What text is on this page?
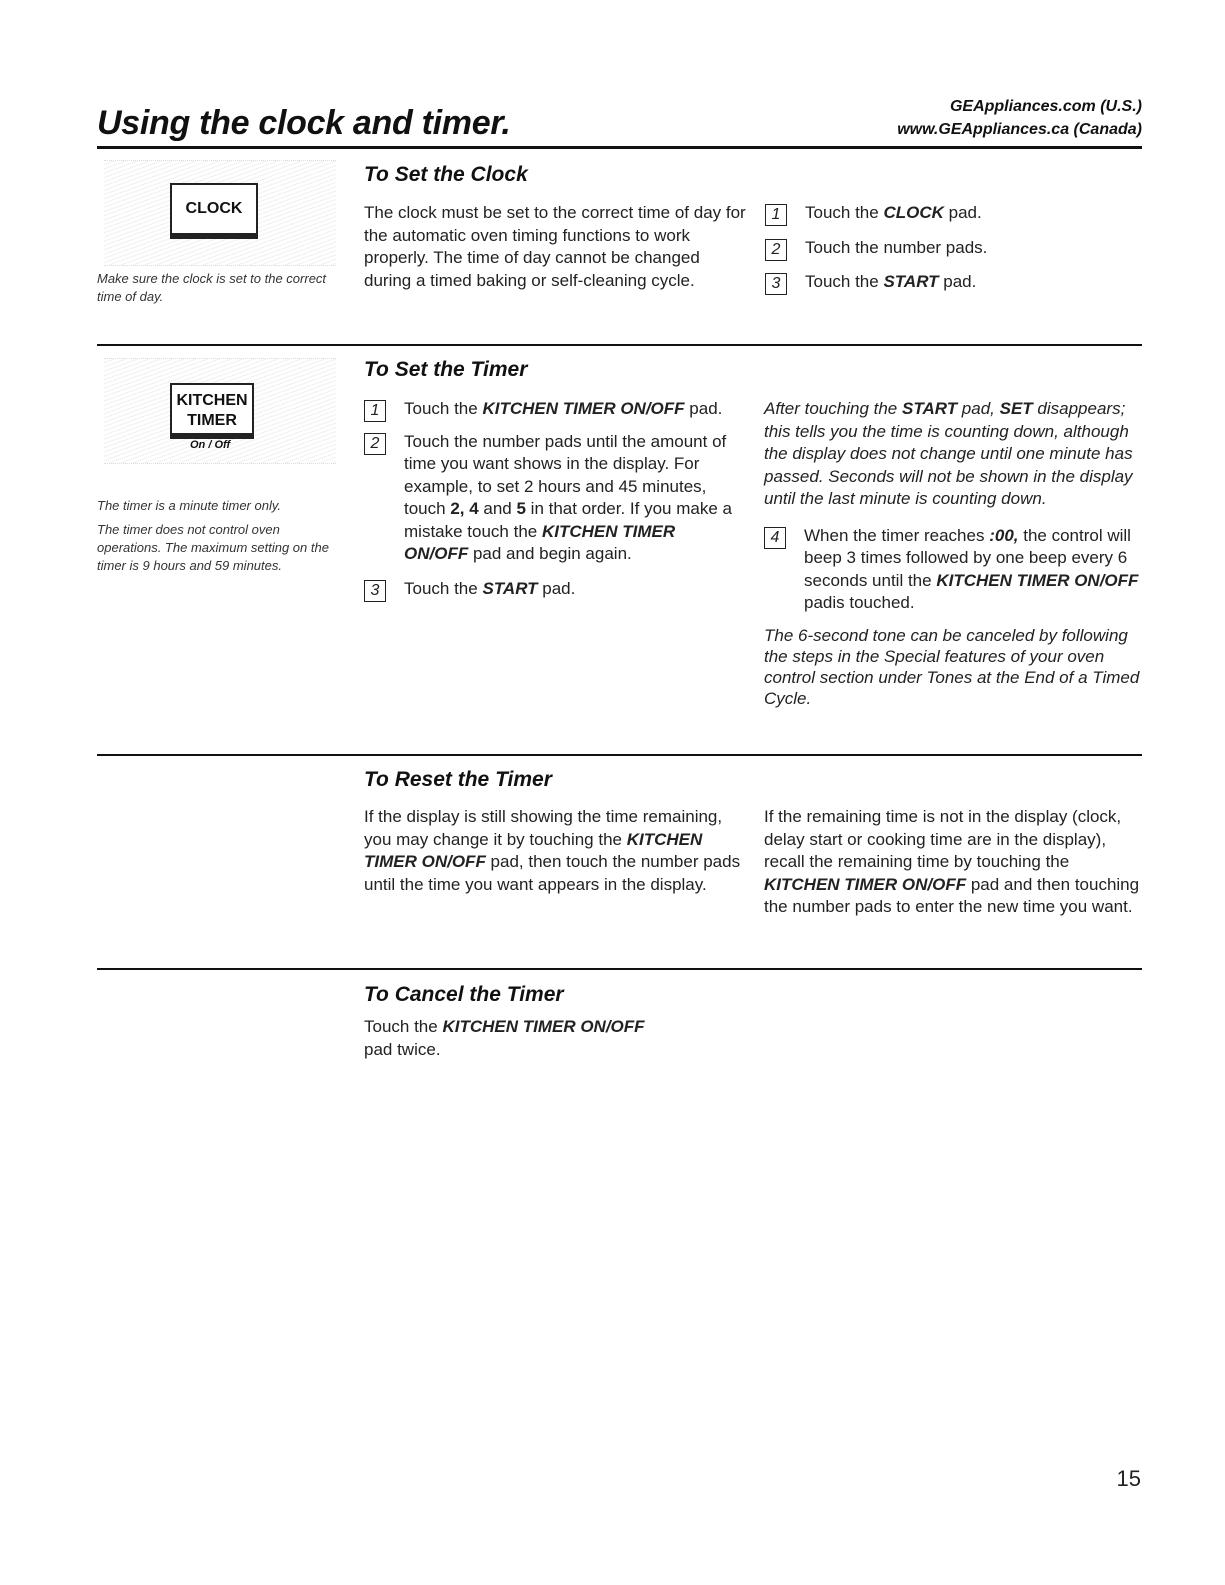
Using the clock and timer.	GEAppliances.com (U.S.)
www.GEAppliances.ca (Canada)
CLOCK
Make sure the clock is set to the correct time of day.
To Set the Clock
The clock must be set to the correct time of day for the automatic oven timing functions to work properly. The time of day cannot be changed during a timed baking or self-cleaning cycle.
1	Touch the CLOCK pad.
2	Touch the number pads.
3	Touch the START pad.
KITCHEN
TIMER
On / Off
The timer is a minute timer only.
The timer does not control oven operations. The maximum setting on the timer is 9 hours and 59 minutes.
To Set the Timer
1	Touch the KITCHEN TIMER ON/OFF pad.
2	Touch the number pads until the amount of time you want shows in the display. For example, to set 2 hours and 45 minutes, touch 2, 4 and 5 in that order. If you make a mistake touch the KITCHEN TIMER ON/OFF pad and begin again.
3	Touch the START pad.
After touching the START pad, SET disappears; this tells you the time is counting down, although the display does not change until one minute has passed. Seconds will not be shown in the display until the last minute is counting down.
4	When the timer reaches :00, the control will beep 3 times followed by one beep every 6 seconds until the KITCHEN TIMER ON/OFF padis touched.
The 6-second tone can be canceled by following the steps in the Special features of your oven control section under Tones at the End of a Timed Cycle.
To Reset the Timer
If the display is still showing the time remaining, you may change it by touching the KITCHEN TIMER ON/OFF pad, then touch the number pads until the time you want appears in the display.
If the remaining time is not in the display (clock, delay start or cooking time are in the display), recall the remaining time by touching the KITCHEN TIMER ON/OFF pad and then touching the number pads to enter the new time you want.
To Cancel the Timer
Touch the KITCHEN TIMER ON/OFF
pad twice.
15
